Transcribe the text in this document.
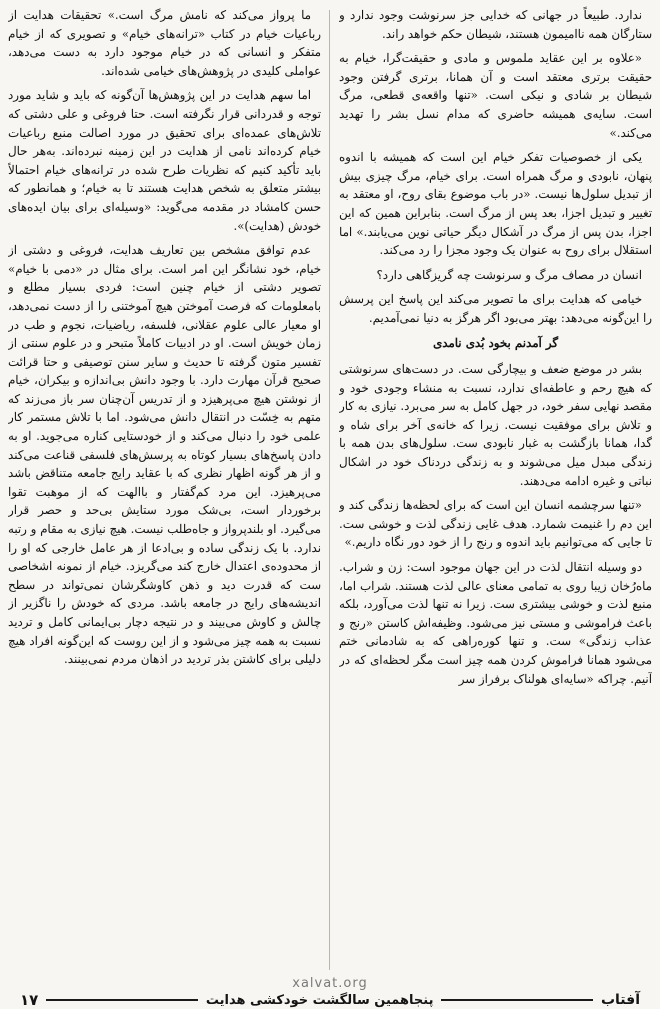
ندارد. طبیعاً در جهانی که خدایی جز سرنوشت وجود ندارد و ستارگان همه ناامیمون هستند، شیطان حکم خواهد راند.

«علاوه بر این عقاید ملموس و مادی و حقیقت‌گرا، خیام به حقیقت برتری معتقد است و آن همانا، برتری گرفتن وجود شیطان بر شادی و نیکی است. «تنها واقعه‌ی قطعی، مرگ است. سایه‌ی همیشه حاضری که مدام نسل بشر را تهدید می‌کند.»

یکی از خصوصیات تفکر خیام این است که همیشه با اندوه پنهان، نابودی و مرگ همراه است. برای خیام، مرگ چیزی بیش از تبدیل سلول‌ها نیست. «در باب موضوع بقای روح، او معتقد به تغییر و تبدیل اجزا، بعد پس از مرگ است. بنابراین همین که این اجزا، بدن پس از مرگ در آشکال دیگر حیاتی نوین می‌یابند.» اما استقلال برای روح به عنوان یک وجود مجزا را رد می‌کند.

انسان در مصاف مرگ و سرنوشت چه گریزگاهی دارد؟

خیامی که هدایت برای ما تصویر می‌کند این پاسخ این پرسش را این‌گونه می‌دهد: بهتر می‌بود اگر هرگز به دنیا نمی‌آمدیم.

گر آمدنم بخود بُدی نامدی

بشر در موضع ضعف و بیچارگی ست. در دست‌های سرنوشتی که هیچ رحم و عاطفه‌ای ندارد، نسبت به منشاء وجودی خود و مقصد نهایی سفر خود، در جهل کامل به سر می‌برد. نیازی به کار و تلاش برای موفقیت نیست. زیرا که خانه‌ی آخر برای شاه و گدا، همانا بازگشت به غبار نابودی ست. سلول‌های بدن همه با زندگی مبدل میل می‌شوند و به زندگی دردناک خود در اشکال نباتی و غیره ادامه می‌دهند.

«تنها سرچشمه انسان این است که برای لحظه‌ها زندگی کند و این دم را غنیمت شمارد. هدف غایی زندگی لذت و خوشی ست. تا جایی که می‌توانیم باید اندوه و رنج را از خود دور نگاه داریم.»

دو وسیله انتقال لذت در این جهان موجود است: زن و شراب. ماه‌رُخان زیبا روی به تمامی معنای عالی لذت هستند. شراب اما، منبع لذت و خوشی بیشتری ست. زیرا نه تنها لذت می‌آورد، بلکه باعث فراموشی و مستی نیز می‌شود. وظیفه‌اش کاستن «رنج و عذاب زندگی» ست. و تنها کوره‌راهی که به شادمانی ختم می‌شود همانا فراموش کردن همه چیز است مگر لحظه‌ای که در آنیم. چراکه «سایه‌ای هولناک برفراز سر

ما پرواز می‌کند که نامش مرگ است.» تحقیقات هدایت از رباعیات خیام در کتاب «ترانه‌های خیام» و تصویری که از خیام متفکر و انسانی که در خیام موجود دارد به دست می‌دهد، عواملی کلیدی در پژوهش‌های خیامی شده‌اند.

اما سهم هدایت در این پژوهش‌ها آن‌گونه که باید و شاید مورد توجه و قدردانی قرار نگرفته است. حتا فروغی و علی دشتی که تلاش‌های عمده‌ای برای تحقیق در مورد اصالت منبع رباعیات خیام کرده‌اند نامی از هدایت در این زمینه نبرده‌اند. به‌هر حال باید تأکید کنیم که نظریات طرح شده در ترانه‌های خیام احتمالاً بیشتر متعلق به شخص هدایت هستند تا به خیام؛ و همانطور که حسن کامشاد در مقدمه می‌گوید: «وسیله‌ای برای بیان ایده‌های خودش (هدایت)».

عدم توافق مشخص بین تعاریف هدایت، فروغی و دشتی از خیام، خود نشانگر این امر است. برای مثال در «دمی با خیام» تصویر دشتی از خیام چنین است: فردی بسیار مطلع و بامعلومات که فرصت آموختن هیچ آموختنی را از دست نمی‌دهد، او معیار عالی علوم عقلانی، فلسفه، ریاضیات، نجوم و طب در زمان خویش است. او در ادبیات کاملاً متبحر و در علوم سنتی از تفسیر متون گرفته تا حدیث و سایر سنن توصیفی و حتا قرائت صحیح قرآن مهارت دارد. با وجود دانش بی‌اندازه و بیکران، خیام از نوشتن هیچ می‌پرهیزد و از تدریس آن‌چنان سر باز می‌زند که متهم به خِسّت در انتقال دانش می‌شود. اما با تلاش مستمر کار علمی خود را دنبال می‌کند و از خودستایی کناره می‌جوید. او به دادن پاسخ‌های بسیار کوتاه به پرسش‌های فلسفی قناعت می‌کند و از هر گونه اظهار نظری که با عقاید رایج جامعه متناقض باشد می‌پرهیزد. این مرد کم‌گفتار و باالهت که از موهبت تقوا برخوردار است، بی‌شک مورد ستایش بی‌حد و حصر قرار می‌گیرد. او بلندپرواز و جاه‌طلب نیست. هیچ نیازی به مقام و رتبه ندارد. با یک زندگی ساده و بی‌ادعا از هر عامل خارجی که او را از محدوده‌ی اعتدال خارج کند می‌گریزد. خیام از نمونه اشخاصی ست که قدرت دید و ذهن کاوشگرشان نمی‌تواند در سطح اندیشه‌های رایج در جامعه باشد. مردی که خودش را ناگزیر از چالش و کاوش می‌بیند و در نتیجه دچار بی‌ایمانی کامل و تردید نسبت به همه چیز می‌شود و از این روست که این‌گونه افراد هیچ دلیلی برای کاشتن بذر تردید در اذهان مردم نمی‌بینند.

xalvat.org
آفتاب
پنجاهمین سالگشت خودکشی هدایت
۱۷
